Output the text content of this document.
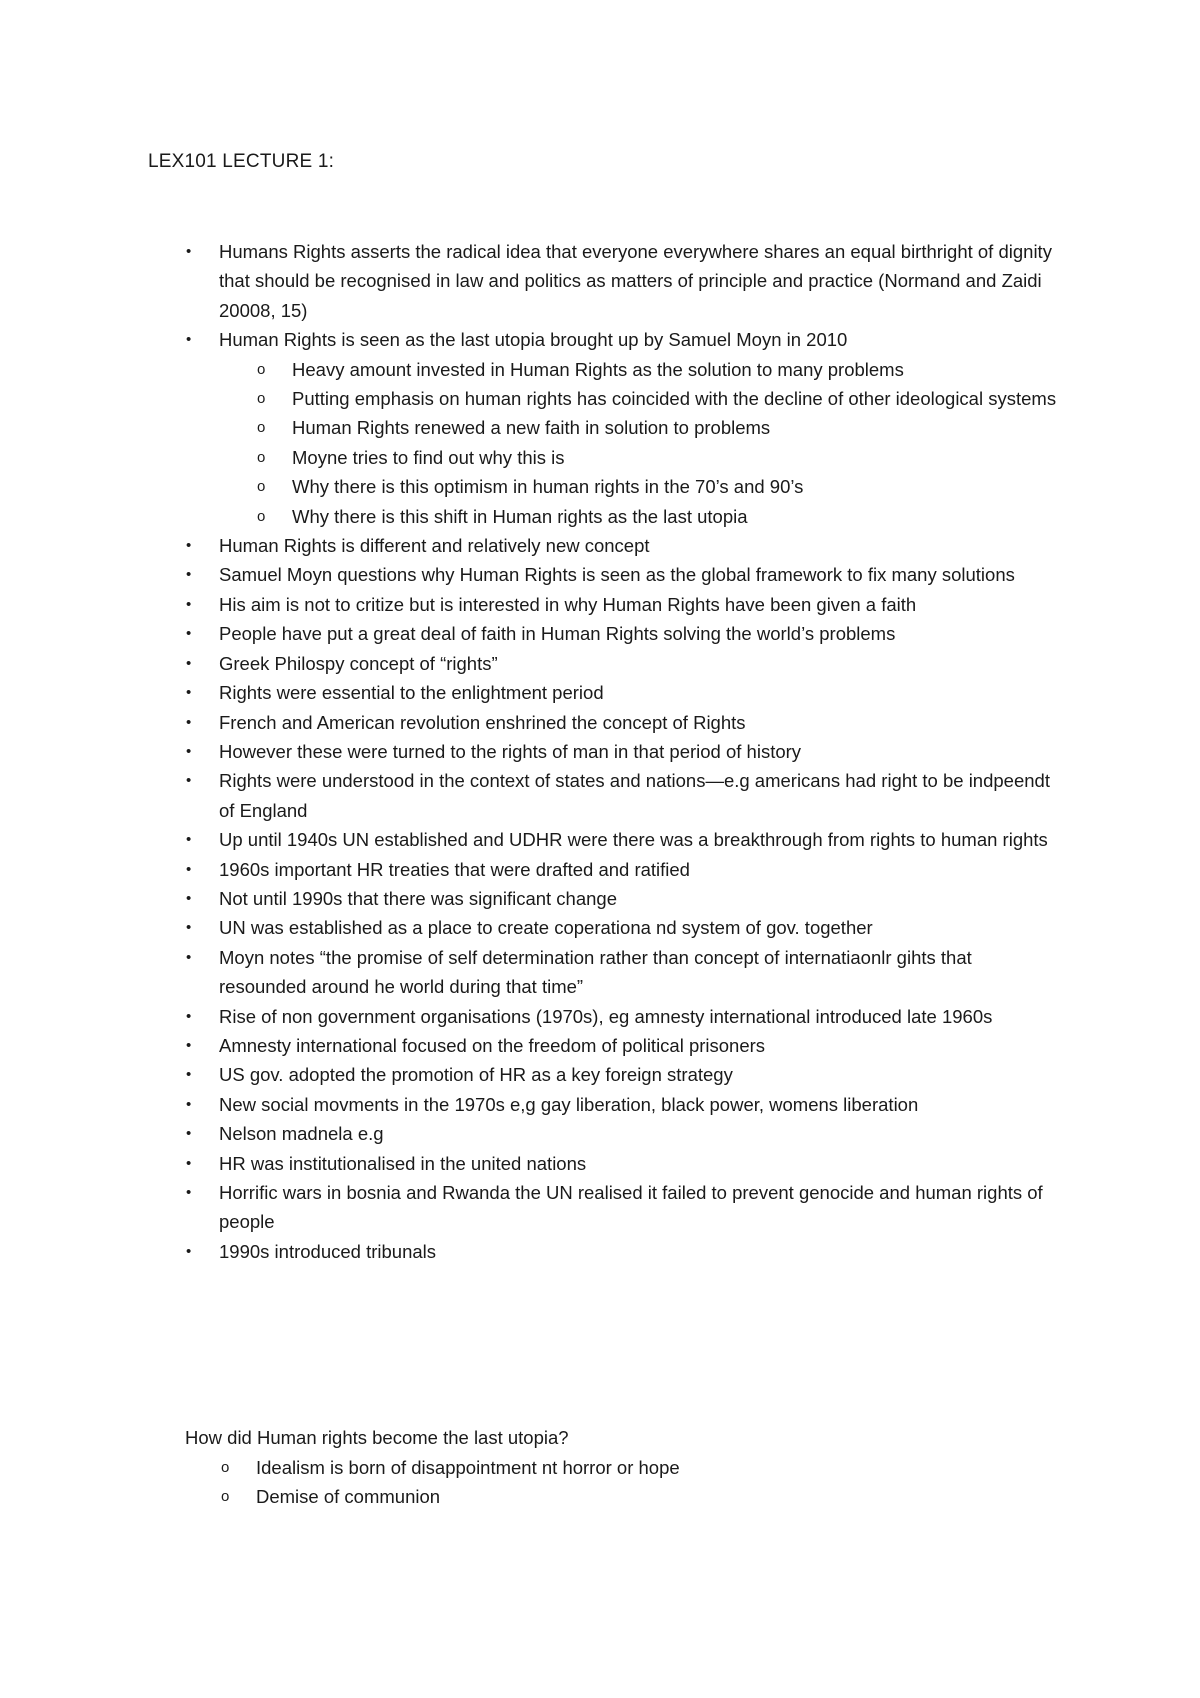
LEX101 LECTURE 1:
• Humans Rights asserts the radical idea that everyone everywhere shares an equal birthright of dignity that should be recognised in law and politics as matters of principle and practice (Normand and Zaidi 20008, 15)
• Human Rights is seen as the last utopia brought up by Samuel Moyn in 2010
o Heavy amount invested in Human Rights as the solution to many problems
o Putting emphasis on human rights has coincided with the decline of other ideological systems
o Human Rights renewed a new faith in solution to problems
o Moyne tries to find out why this is
o Why there is this optimism in human rights in the 70’s and 90’s
o Why there is this shift in Human rights as the last utopia
• Human Rights is different and relatively new concept
• Samuel Moyn questions why Human Rights is seen as the global framework to fix many solutions
• His aim is not to critize but is interested in why Human Rights have been given a faith
• People have put a great deal of faith in Human Rights solving the world’s problems
• Greek Philospy concept of “rights”
• Rights were essential to the enlightment period
• French and American revolution enshrined the concept of Rights
• However these were turned to the rights of man in that period of history
• Rights were understood in the context of states and nations—e.g americans had right to be indpeendt of England
• Up until 1940s UN established and UDHR were there was a breakthrough from rights to human rights
• 1960s important HR treaties that were drafted and ratified
• Not until 1990s that there was significant change
• UN was established as a place to create coperationa nd system of gov. together
• Moyn notes “the promise of self determination rather than concept of internatiaonlr gihts that resounded around he world during that time”
• Rise of non government organisations (1970s), eg amnesty international introduced late 1960s
• Amnesty international focused on the freedom of political prisoners
• US gov. adopted the promotion of HR as a key foreign strategy
• New social movments in the 1970s e,g gay liberation, black power, womens liberation
• Nelson madnela e.g
• HR was institutionalised in the united nations
• Horrific wars in bosnia and Rwanda the UN realised it failed to prevent genocide and human rights of people
• 1990s introduced tribunals
How did Human rights become the last utopia?
o Idealism is born of disappointment nt horror or hope
o Demise of communion
